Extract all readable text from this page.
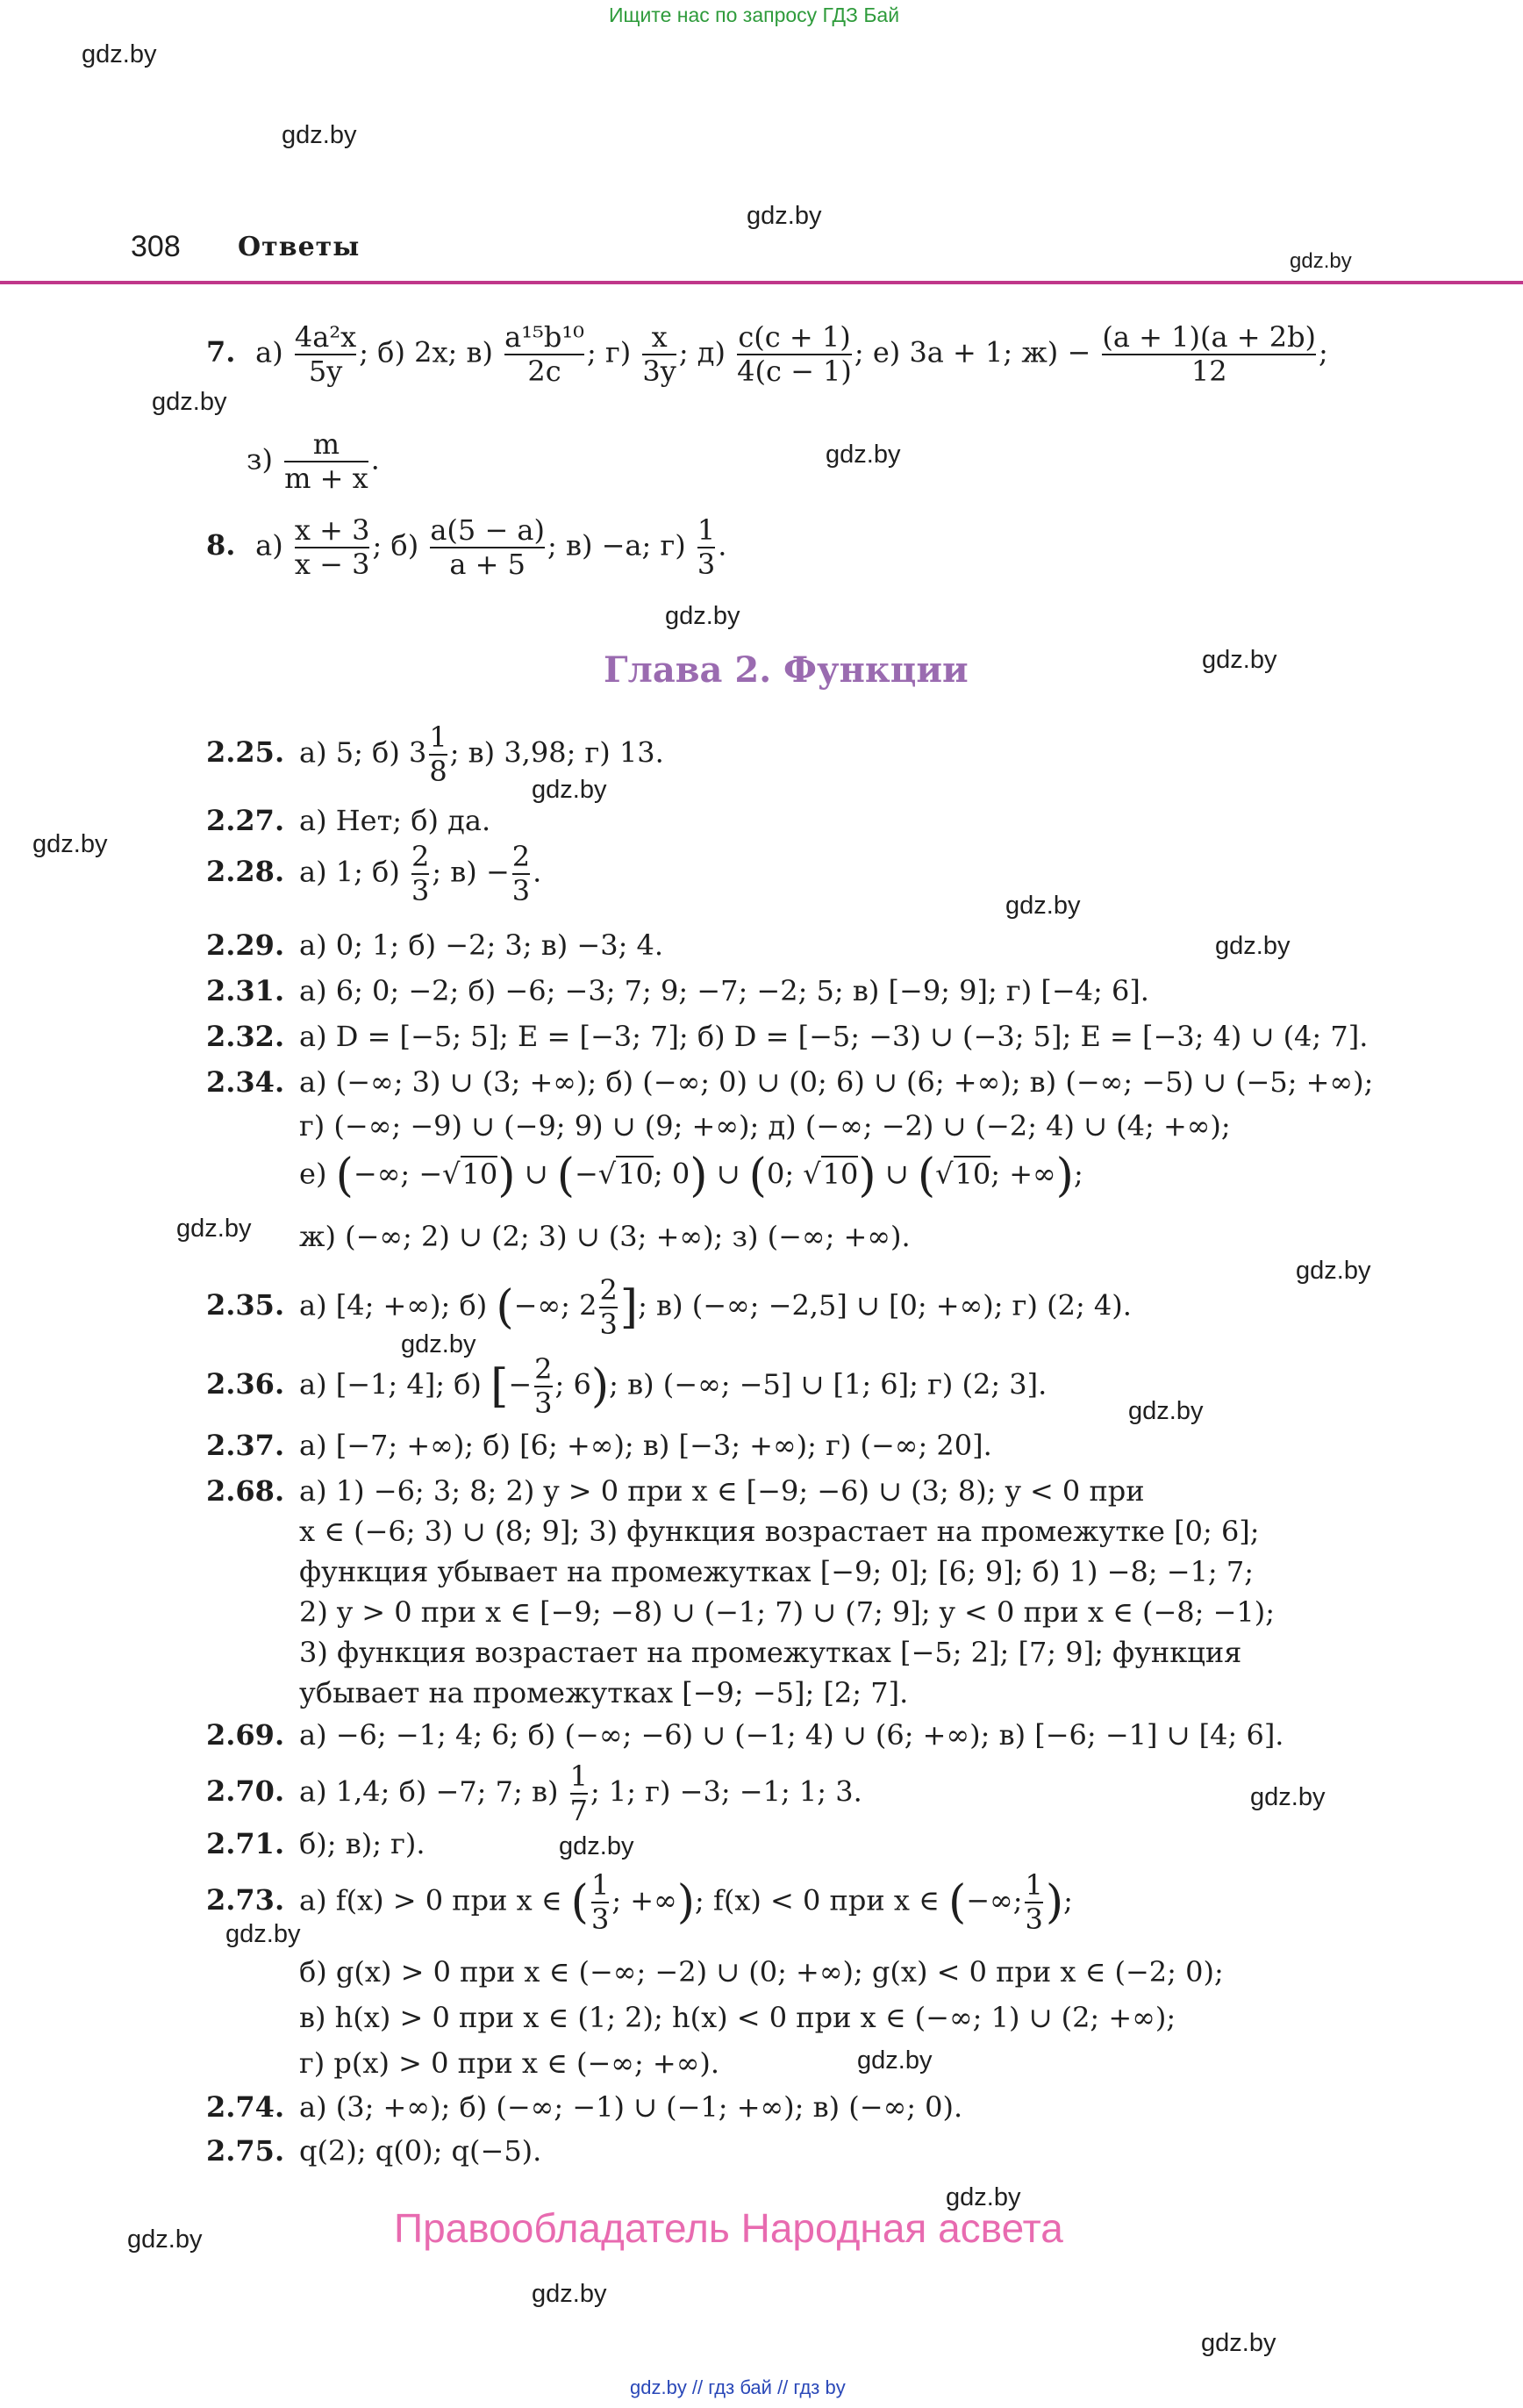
Ищите нас по запросу ГДЗ Бай
gdz.by
gdz.by
gdz.by
gdz.by
gdz.by
gdz.by
gdz.by
gdz.by
gdz.by
gdz.by
gdz.by
gdz.by
gdz.by
gdz.by
gdz.by
gdz.by
gdz.by
gdz.by
gdz.by
gdz.by
gdz.by
gdz.by
gdz.by
gdz.by
308 Ответы
7. $а) \frac{\text{4a²x}}{5y}$ ; б) 2x; $в) \frac{\text{a¹⁵b¹⁰}}{2c}$ ; $г) \frac{x}{3y}$ ; $д) \frac{c(c + 1)}{4(c - 1)}$ ; е) 3a + 1; $ж) - \frac{(a + 1)(a + 2b)}{12}$ ;
$з) \frac{m}{m + x}$ .
8. $а) \frac{x + 3}{x - 3}$ ; $б) \frac{a(5 - a)}{a + 5}$ ; в) −a; $г) \frac{1}{3}$ .
Глава 2. Функции
2.25. а) 5; б) $3 \frac{1}{8}$ ; в) 3,98; г) 13.
2.27. а) Нет; б) да.
2.28. а) 1; $б) \frac{2}{3}$ ; $в) - \frac{2}{3}$ .
2.29. а) 0; 1; б) −2; 3; в) −3; 4.
2.31. а) 6; 0; −2; б) −6; −3; 7; 9; −7; −2; 5; в) [−9; 9]; г) [−4; 6].
2.32. а) D = [−5; 5]; E = [−3; 7]; б) D = [−5; −3) ∪ (−3; 5]; E = [−3; 4) ∪ (4; 7].
2.34. а) (−∞; 3) ∪ (3; +∞); б) (−∞; 0) ∪ (0; 6) ∪ (6; +∞); в) (−∞; −5) ∪ (−5; +∞);
г) (−∞; −9) ∪ (−9; 9) ∪ (9; +∞); д) (−∞; −2) ∪ (−2; 4) ∪ (4; +∞);
е) (−∞; −√10) ∪ (−√10; 0) ∪ (0; √10) ∪ (√10; +∞);
ж) (−∞; 2) ∪ (2; 3) ∪ (3; +∞); з) (−∞; +∞).
2.35. а) [4; +∞); б) (−∞; $2 \frac{2}{3}$ ]; в) (−∞; −2,5] ∪ [0; +∞); г) (2; 4).
2.36. а) [−1; 4]; б) [− $\frac{2}{3}$ ; 6); в) (−∞; −5] ∪ [1; 6]; г) (2; 3].
2.37. а) [−7; +∞); б) [6; +∞); в) [−3; +∞); г) (−∞; 20].
2.68. а) 1) −6; 3; 8; 2) y > 0 при x ∈ [−9; −6) ∪ (3; 8); y < 0 при
x ∈ (−6; 3) ∪ (8; 9]; 3) функция возрастает на промежутке [0; 6];
функция убывает на промежутках [−9; 0]; [6; 9]; б) 1) −8; −1; 7;
2) y > 0 при x ∈ [−9; −8) ∪ (−1; 7) ∪ (7; 9]; y < 0 при x ∈ (−8; −1);
3) функция возрастает на промежутках [−5; 2]; [7; 9]; функция
убывает на промежутках [−9; −5]; [2; 7].
2.69. а) −6; −1; 4; 6; б) (−∞; −6) ∪ (−1; 4) ∪ (6; +∞); в) [−6; −1] ∪ [4; 6].
2.70. а) 1,4; б) −7; 7; $в) \frac{1}{7}$ ; 1; г) −3; −1; 1; 3.
2.71. б); в); г).
2.73. а) f(x) > 0 при x ∈ ( $\frac{1}{3}$ ; +∞); f(x) < 0 при x ∈ (−∞; $\frac{1}{3}$ );
б) g(x) > 0 при x ∈ (−∞; −2) ∪ (0; +∞); g(x) < 0 при x ∈ (−2; 0);
в) h(x) > 0 при x ∈ (1; 2); h(x) < 0 при x ∈ (−∞; 1) ∪ (2; +∞);
г) p(x) > 0 при x ∈ (−∞; +∞).
2.74. а) (3; +∞); б) (−∞; −1) ∪ (−1; +∞); в) (−∞; 0).
2.75. q(2); q(0); q(−5).
Правообладатель Народная асвета
gdz.by // гдз бай // гдз by
